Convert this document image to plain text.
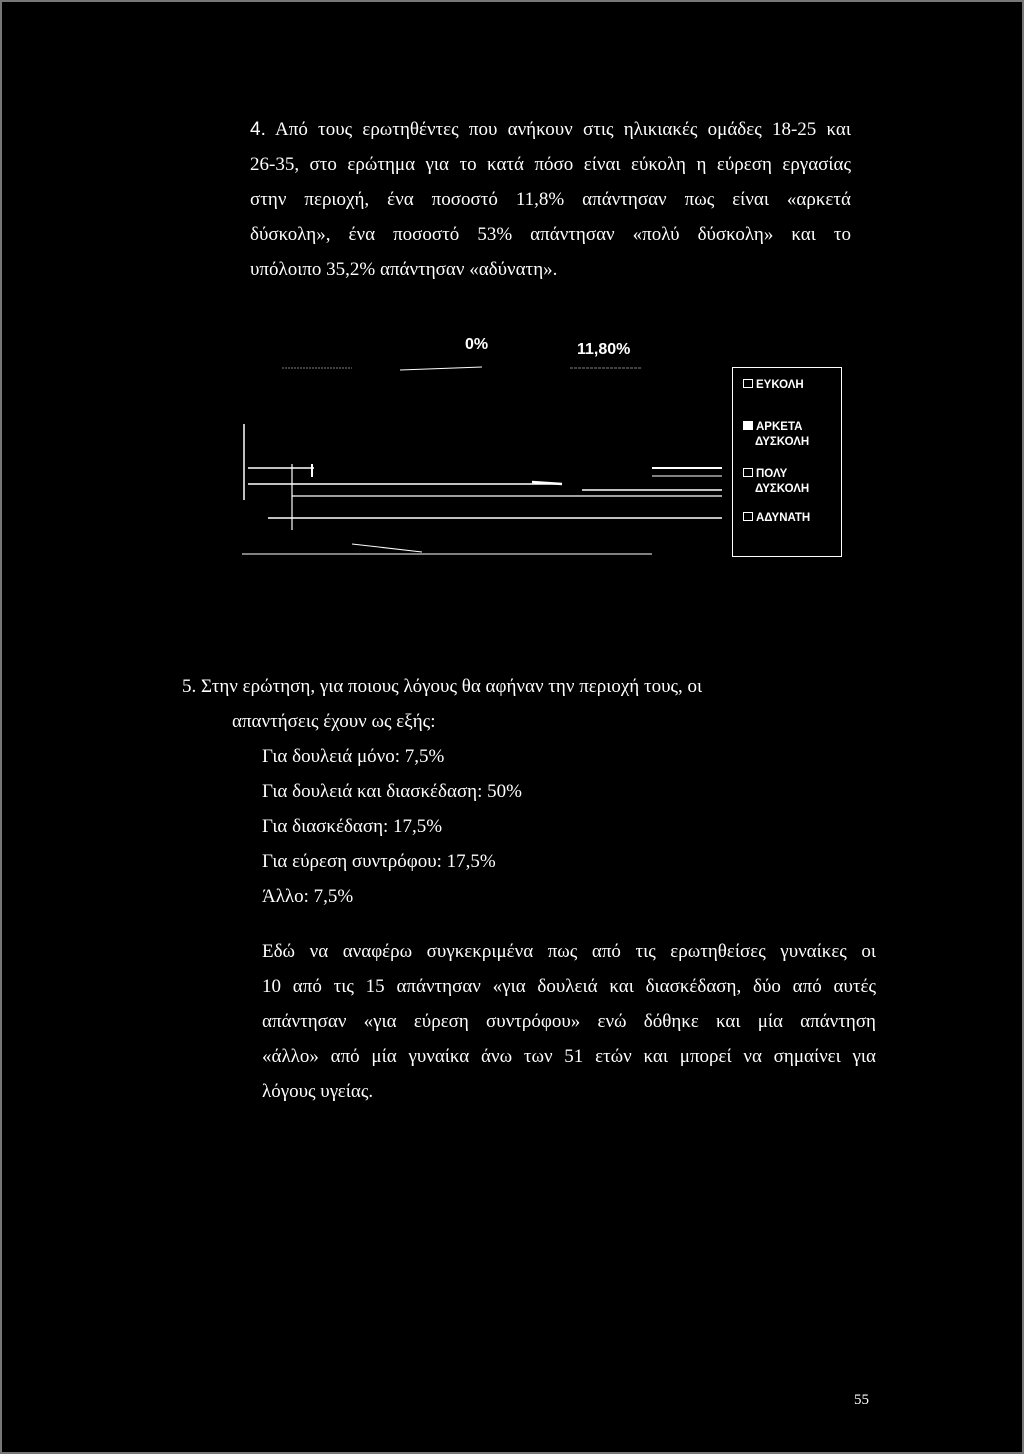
4. Από τους ερωτηθέντες που ανήκουν στις ηλικιακές ομάδες 18-25 και
26-35, στο ερώτημα για το κατά πόσο είναι εύκολη η εύρεση εργασίας
στην περιοχή, ένα ποσοστό 11,8% απάντησαν πως είναι «αρκετά
δύσκολη», ένα ποσοστό 53% απάντησαν «πολύ δύσκολη» και το
υπόλοιπο 35,2% απάντησαν «αδύνατη».
0%	11,80%
ΕΥΚΟΛΗ
ΑΡΚΕΤΑ
ΔΥΣΚΟΛΗ
ΠΟΛΥ
ΔΥΣΚΟΛΗ
ΑΔΥΝΑΤΗ
5. Στην ερώτηση, για ποιους λόγους θα αφήναν την περιοχή τους, οι
απαντήσεις έχουν ως εξής:
Για δουλειά μόνο: 7,5%
Για δουλειά και διασκέδαση: 50%
Για διασκέδαση: 17,5%
Για εύρεση συντρόφου: 17,5%
Άλλο: 7,5%
Εδώ να αναφέρω συγκεκριμένα πως από τις ερωτηθείσες γυναίκες οι
10 από τις 15 απάντησαν «για δουλειά και διασκέδαση, δύο από αυτές
απάντησαν «για εύρεση συντρόφου» ενώ δόθηκε και μία απάντηση
«άλλο» από μία γυναίκα άνω των 51 ετών και μπορεί να σημαίνει για
λόγους υγείας.
55
